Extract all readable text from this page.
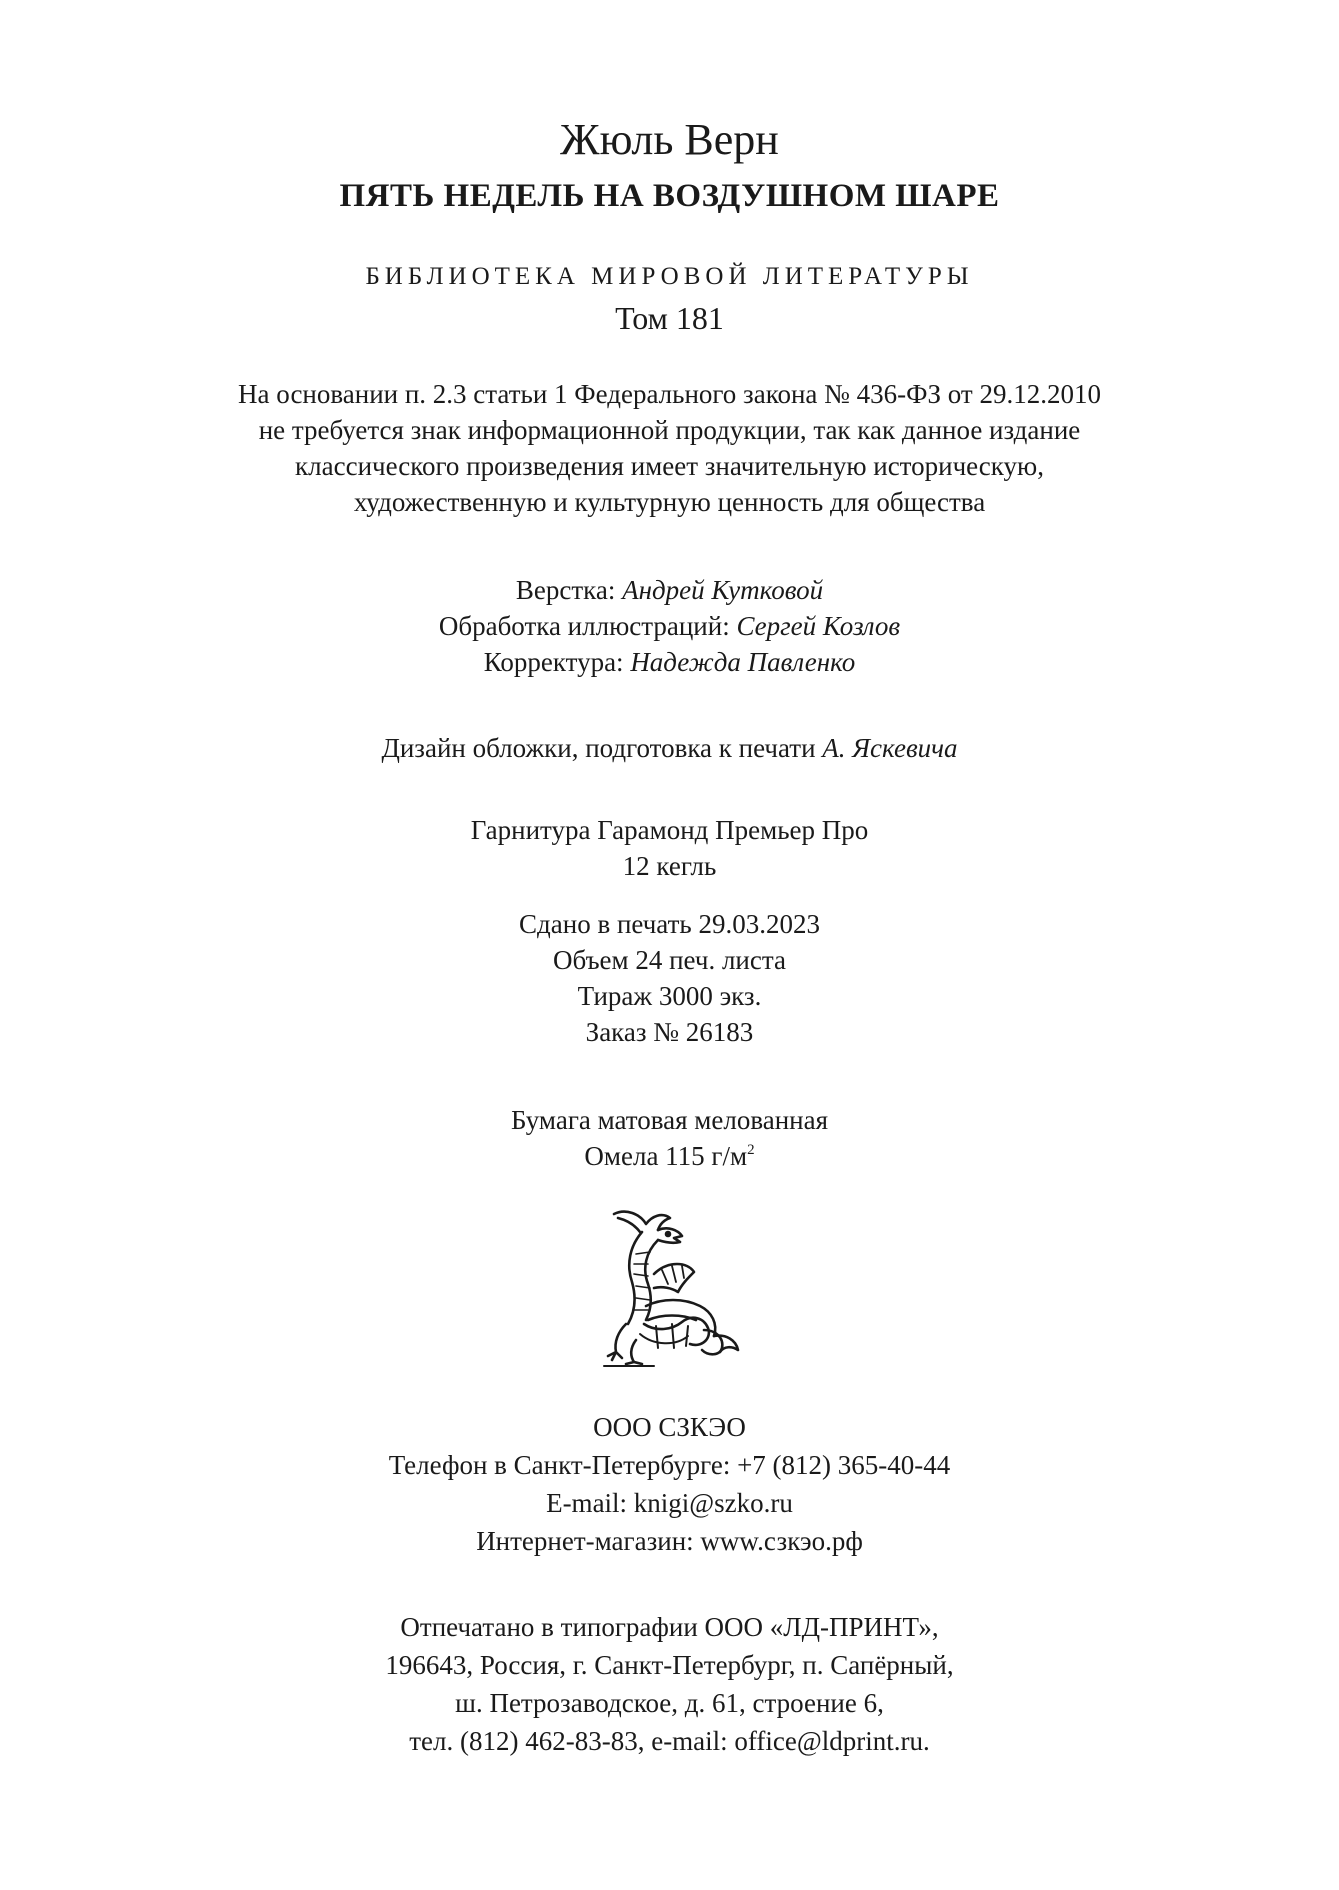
Жюль Верн
ПЯТЬ НЕДЕЛЬ НА ВОЗДУШНОМ ШАРЕ
БИБЛИОТЕКА МИРОВОЙ ЛИТЕРАТУРЫ
Том 181
На основании п. 2.3 статьи 1 Федерального закона № 436-ФЗ от 29.12.2010
не требуется знак информационной продукции, так как данное издание
классического произведения имеет значительную историческую,
художественную и культурную ценность для общества
Верстка: Андрей Кутковой
Обработка иллюстраций: Сергей Козлов
Корректура: Надежда Павленко
Дизайн обложки, подготовка к печати А. Яскевича
Гарнитура Гарамонд Премьер Про
12 кегль
Сдано в печать 29.03.2023
Объем 24 печ. листа
Тираж 3000 экз.
Заказ № 26183
Бумага матовая мелованная
Омела 115 $г/м^2$
ООО СЗКЭО
Телефон в Санкт-Петербурге: +7 (812) 365-40-44
E-mail: knigi@szko.ru
Интернет-магазин: www.сзкэо.рф
Отпечатано в типографии ООО «ЛД-ПРИНТ»,
196643, Россия, г. Санкт-Петербург, п. Сапёрный,
ш. Петрозаводское, д. 61, строение 6,
тел. (812) 462-83-83, e-mail: office@ldprint.ru.
